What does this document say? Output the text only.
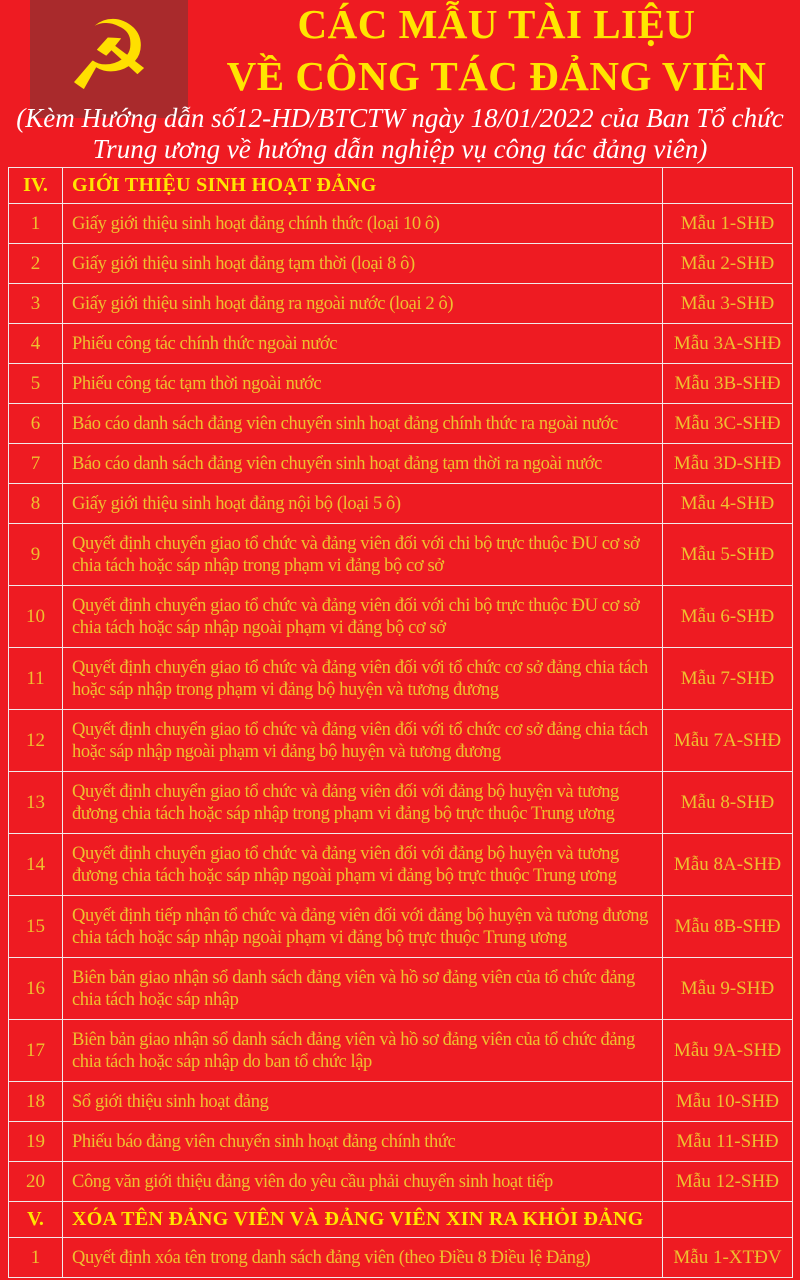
☭	CÁC MẪU TÀI LIỆU
VỀ CÔNG TÁC ĐẢNG VIÊN
(Kèm Hướng dẫn số12-HD/BTCTW ngày 18/01/2022 của Ban Tổ chức
Trung ương về hướng dẫn nghiệp vụ công tác đảng viên)
IV.	GIỚI THIỆU SINH HOẠT ĐẢNG	
1	Giấy giới thiệu sinh hoạt đảng chính thức (loại 10 ô)	Mẫu 1-SHĐ
2	Giấy giới thiệu sinh hoạt đảng tạm thời (loại 8 ô)	Mẫu 2-SHĐ
3	Giấy giới thiệu sinh hoạt đảng ra ngoài nước (loại 2 ô)	Mẫu 3-SHĐ
4	Phiếu công tác chính thức ngoài nước	Mẫu 3A-SHĐ
5	Phiếu công tác tạm thời ngoài nước	Mẫu 3B-SHĐ
6	Báo cáo danh sách đảng viên chuyển sinh hoạt đảng chính thức ra ngoài nước	Mẫu 3C-SHĐ
7	Báo cáo danh sách đảng viên chuyển sinh hoạt đảng tạm thời ra ngoài nước	Mẫu 3D-SHĐ
8	Giấy giới thiệu sinh hoạt đảng nội bộ (loại 5 ô)	Mẫu 4-SHĐ
9	Quyết định chuyển giao tổ chức và đảng viên đối với chi bộ trực thuộc ĐU cơ sở chia tách hoặc sáp nhập trong phạm vi đảng bộ cơ sở	Mẫu 5-SHĐ
10	Quyết định chuyển giao tổ chức và đảng viên đối với chi bộ trực thuộc ĐU cơ sở chia tách hoặc sáp nhập ngoài phạm vi đảng bộ cơ sở	Mẫu 6-SHĐ
11	Quyết định chuyển giao tổ chức và đảng viên đối với tổ chức cơ sở đảng chia tách hoặc sáp nhập trong phạm vi đảng bộ huyện và tương đương	Mẫu 7-SHĐ
12	Quyết định chuyển giao tổ chức và đảng viên đối với tổ chức cơ sở đảng chia tách hoặc sáp nhập ngoài phạm vi đảng bộ huyện và tương đương	Mẫu 7A-SHĐ
13	Quyết định chuyển giao tổ chức và đảng viên đối với đảng bộ huyện và tương đương chia tách hoặc sáp nhập trong phạm vi đảng bộ trực thuộc Trung ương	Mẫu 8-SHĐ
14	Quyết định chuyển giao tổ chức và đảng viên đối với đảng bộ huyện và tương đương chia tách hoặc sáp nhập ngoài phạm vi đảng bộ trực thuộc Trung ương	Mẫu 8A-SHĐ
15	Quyết định tiếp nhận tổ chức và đảng viên đối với đảng bộ huyện và tương đương chia tách hoặc sáp nhập ngoài phạm vi đảng bộ trực thuộc Trung ương	Mẫu 8B-SHĐ
16	Biên bản giao nhận sổ danh sách đảng viên và hồ sơ đảng viên của tổ chức đảng chia tách hoặc sáp nhập	Mẫu 9-SHĐ
17	Biên bản giao nhận sổ danh sách đảng viên và hồ sơ đảng viên của tổ chức đảng chia tách hoặc sáp nhập do ban tổ chức lập	Mẫu 9A-SHĐ
18	Sổ giới thiệu sinh hoạt đảng	Mẫu 10-SHĐ
19	Phiếu báo đảng viên chuyển sinh hoạt đảng chính thức	Mẫu 11-SHĐ
20	Công văn giới thiệu đảng viên do yêu cầu phải chuyển sinh hoạt tiếp	Mẫu 12-SHĐ
V.	XÓA TÊN ĐẢNG VIÊN VÀ ĐẢNG VIÊN XIN RA KHỎI ĐẢNG	
1	Quyết định xóa tên trong danh sách đảng viên (theo Điều 8 Điều lệ Đảng)	Mẫu 1-XTĐV
